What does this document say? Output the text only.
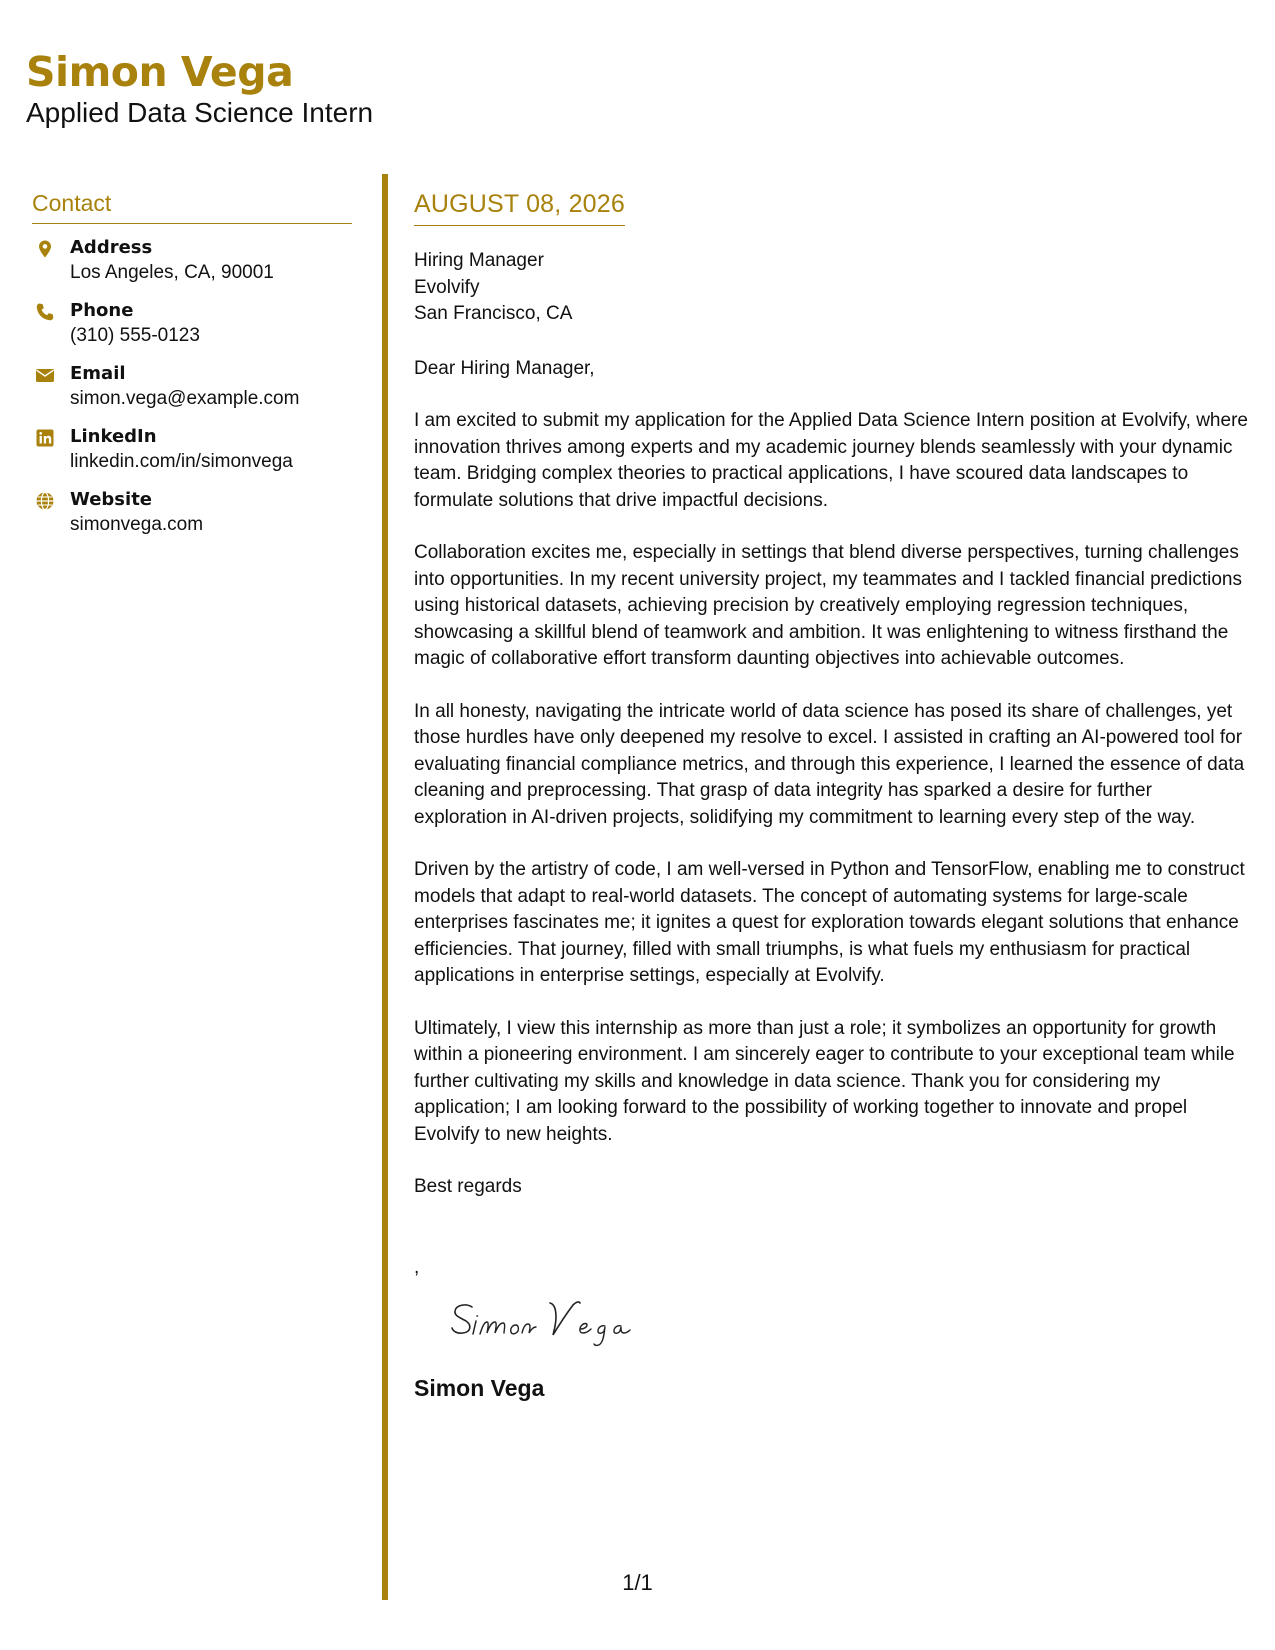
Simon Vega
Applied Data Science Intern
Contact
Address
Los Angeles, CA, 90001
Phone
(310) 555-0123
Email
simon.vega@example.com
LinkedIn
linkedin.com/in/simonvega
Website
simonvega.com
AUGUST 08, 2026
Hiring Manager
Evolvify
San Francisco, CA
Dear Hiring Manager,

I am excited to submit my application for the Applied Data Science Intern position at Evolvify, where innovation thrives among experts and my academic journey blends seamlessly with your dynamic team. Bridging complex theories to practical applications, I have scoured data landscapes to formulate solutions that drive impactful decisions.

Collaboration excites me, especially in settings that blend diverse perspectives, turning challenges into opportunities. In my recent university project, my teammates and I tackled financial predictions using historical datasets, achieving precision by creatively employing regression techniques, showcasing a skillful blend of teamwork and ambition. It was enlightening to witness firsthand the magic of collaborative effort transform daunting objectives into achievable outcomes.

In all honesty, navigating the intricate world of data science has posed its share of challenges, yet those hurdles have only deepened my resolve to excel. I assisted in crafting an AI-powered tool for evaluating financial compliance metrics, and through this experience, I learned the essence of data cleaning and preprocessing. That grasp of data integrity has sparked a desire for further exploration in AI-driven projects, solidifying my commitment to learning every step of the way.

Driven by the artistry of code, I am well-versed in Python and TensorFlow, enabling me to construct models that adapt to real-world datasets. The concept of automating systems for large-scale enterprises fascinates me; it ignites a quest for exploration towards elegant solutions that enhance efficiencies. That journey, filled with small triumphs, is what fuels my enthusiasm for practical applications in enterprise settings, especially at Evolvify.

Ultimately, I view this internship as more than just a role; it symbolizes an opportunity for growth within a pioneering environment. I am sincerely eager to contribute to your exceptional team while further cultivating my skills and knowledge in data science. Thank you for considering my application; I am looking forward to the possibility of working together to innovate and propel Evolvify to new heights.

Best regards
,
Simon Vega
1/1
